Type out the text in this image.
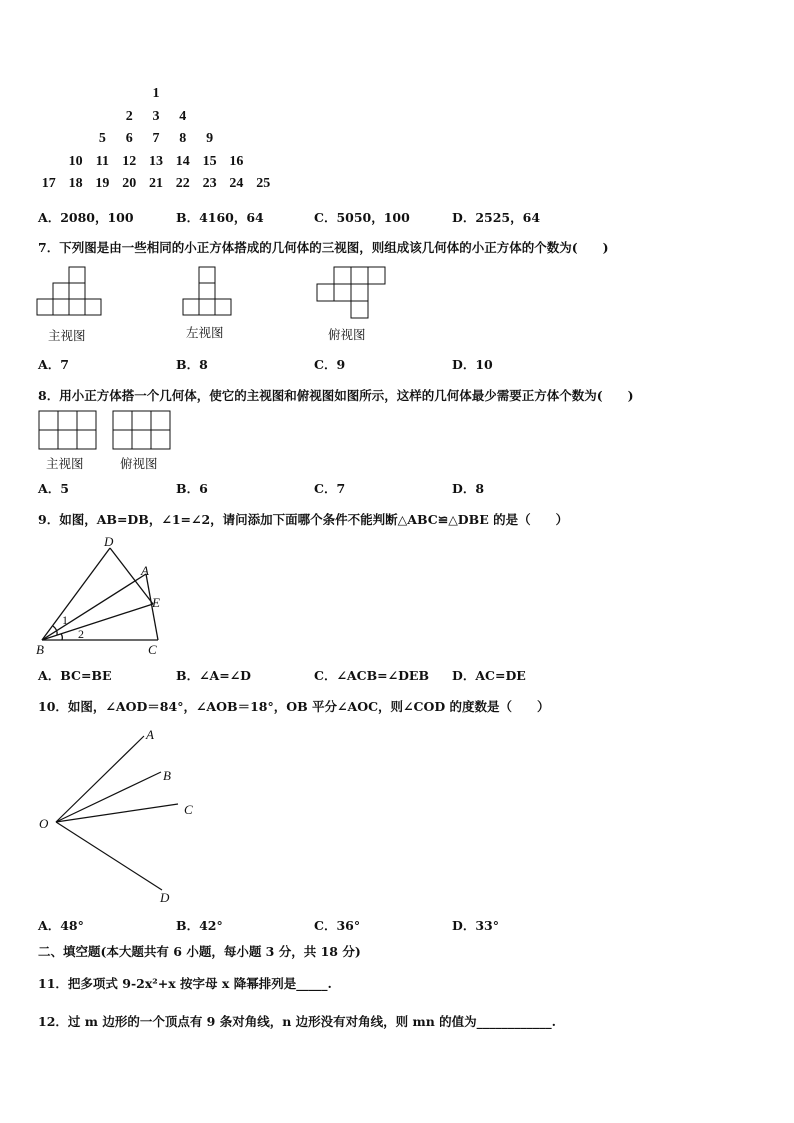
1
2	3	4
5	6	7	8	9
10 11 12 13 14 15 16
17 18 19 20 21 22 23 24 25
A．2080，100	B．4160，64	C．5050，100	D．2525，64
7．下列图是由一些相同的小正方体搭成的几何体的三视图，则组成该几何体的小正方体的个数为(　　)
主视图	左视图	俯视图
A．7	B．8	C．9	D．10
8．用小正方体搭一个几何体，使它的主视图和俯视图如图所示，这样的几何体最少需要正方体个数为(　　)
主视图	俯视图
A．5	B．6	C．7	D．8
9．如图，AB=DB，∠1=∠2，请问添加下面哪个条件不能判断△ABC≌△DBE 的是（　　）
D
A
E
B	C
1
2
A．BC=BE	B．∠A=∠D	C．∠ACB=∠DEB D．AC=DE
10．如图，∠AOD＝84°，∠AOB＝18°，OB 平分∠AOC，则∠COD 的度数是（　　）
A
B
C
O
D
A．48°	B．42°	C．36°	D．33°
二、填空题(本大题共有 6 小题，每小题 3 分，共 18 分)
11．把多项式 9-2x²+x 按字母 x 降幂排列是_____.
12．过 m 边形的一个顶点有 9 条对角线，n 边形没有对角线，则 mn 的值为____________.
